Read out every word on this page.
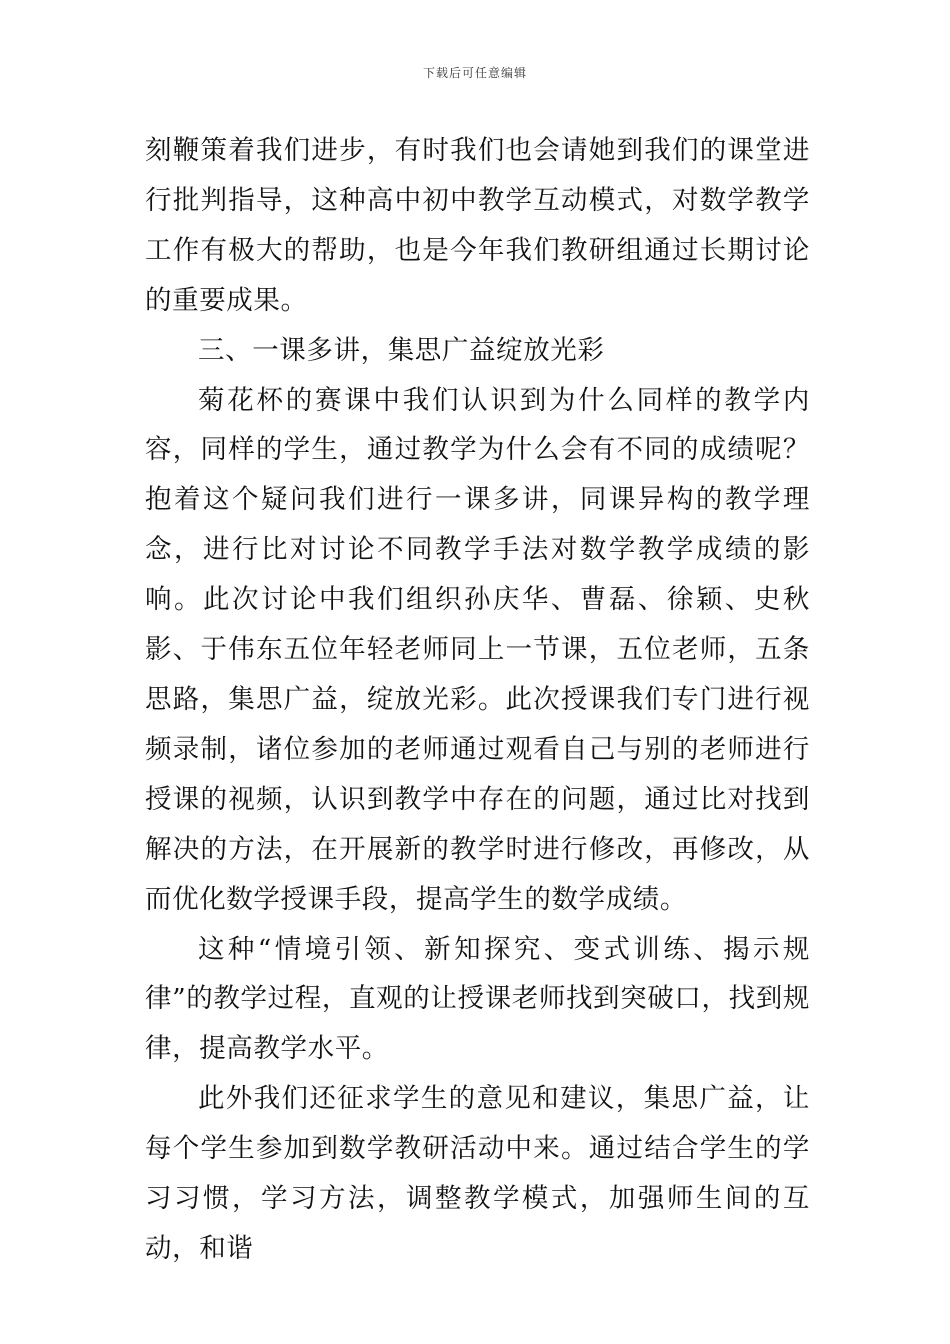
下载后可任意编辑

刻鞭策着我们进步，有时我们也会请她到我们的课堂进行批判指导，这种高中初中教学互动模式，对数学教学工作有极大的帮助，也是今年我们教研组通过长期讨论的重要成果。

三、一课多讲，集思广益绽放光彩

菊花杯的赛课中我们认识到为什么同样的教学内容，同样的学生，通过教学为什么会有不同的成绩呢？抱着这个疑问我们进行一课多讲，同课异构的教学理念，进行比对讨论不同教学手法对数学教学成绩的影响。此次讨论中我们组织孙庆华、曹磊、徐颖、史秋影、于伟东五位年轻老师同上一节课，五位老师，五条思路，集思广益，绽放光彩。此次授课我们专门进行视频录制，诸位参加的老师通过观看自己与别的老师进行授课的视频，认识到教学中存在的问题，通过比对找到解决的方法，在开展新的教学时进行修改，再修改，从而优化数学授课手段，提高学生的数学成绩。

这种“情境引领、新知探究、变式训练、揭示规律”的教学过程，直观的让授课老师找到突破口，找到规律，提高教学水平。

此外我们还征求学生的意见和建议，集思广益，让每个学生参加到数学教研活动中来。通过结合学生的学习习惯，学习方法，调整教学模式，加强师生间的互动，和谐
